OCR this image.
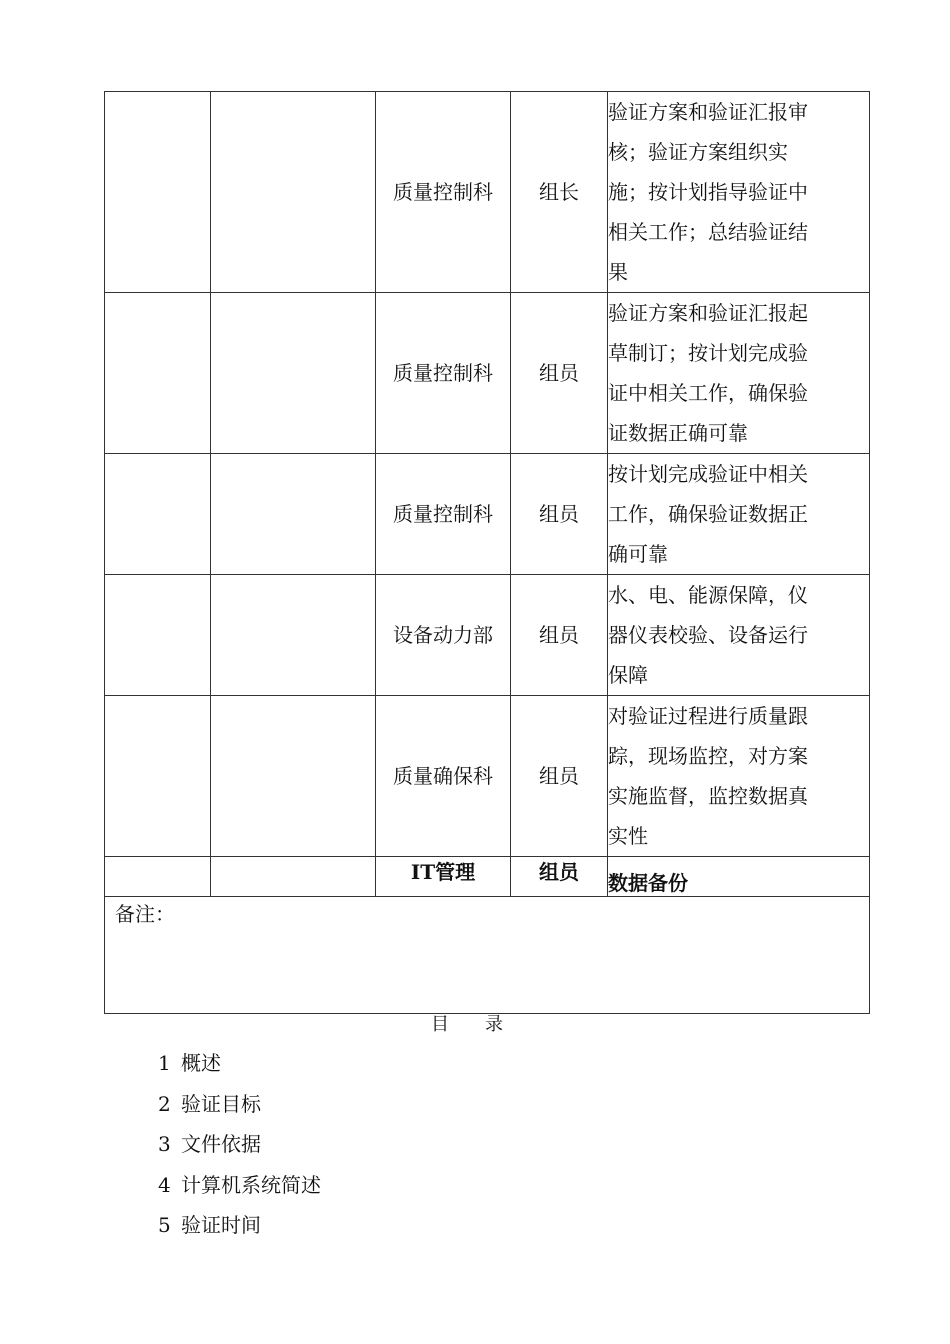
		质量控制科	组长	验证方案和验证汇报审
核；验证方案组织实
施；按计划指导验证中
相关工作；总结验证结
果

		质量控制科	组员	验证方案和验证汇报起
草制订；按计划完成验
证中相关工作，确保验
证数据正确可靠

		质量控制科	组员	按计划完成验证中相关
工作，确保验证数据正
确可靠

		设备动力部	组员	水、电、能源保障，仪
器仪表校验、设备运行
保障

		质量确保科	组员	对验证过程进行质量跟
踪，现场监控，对方案
实施监督，监控数据真
实性

		IT管理	组员	数据备份
备注：				
目录
1 概述
2 验证目标
3 文件依据
4 计算机系统简述
5 验证时间
